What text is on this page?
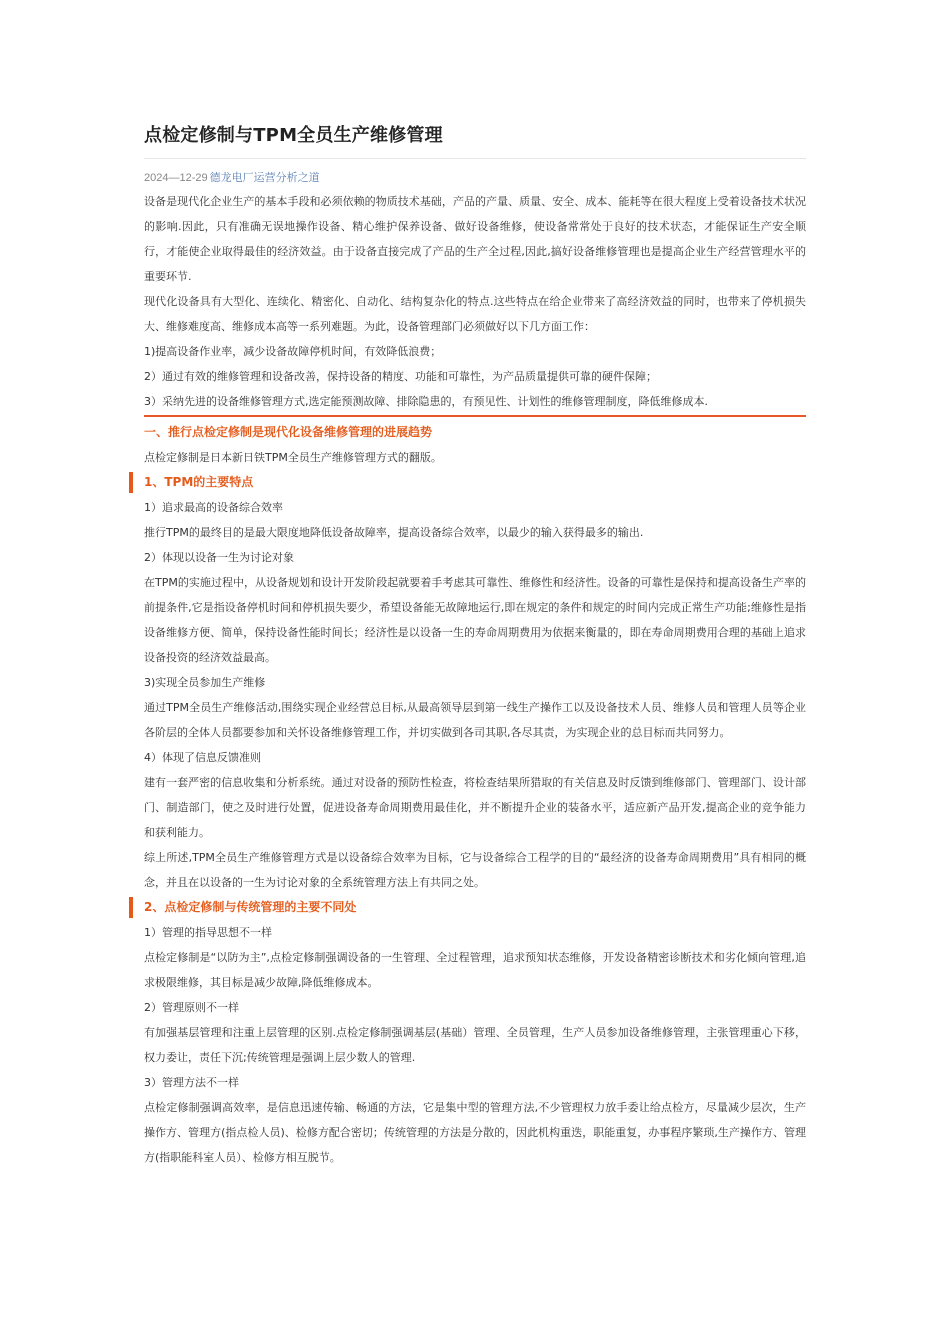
点检定修制与TPM全员生产维修管理
2024—12-29 德龙电厂运营分析之道

设备是现代化企业生产的基本手段和必须依赖的物质技术基础，产品的产量、质量、安全、成本、能耗等在很大程度上受着设备技术状况的影响.因此，只有准确无误地操作设备、精心维护保养设备、做好设备维修，使设备常常处于良好的技术状态，才能保证生产安全顺行，才能使企业取得最佳的经济效益。由于设备直接完成了产品的生产全过程,因此,搞好设备维修管理也是提高企业生产经营管理水平的重要环节.

现代化设备具有大型化、连续化、精密化、自动化、结构复杂化的特点.这些特点在给企业带来了高经济效益的同时，也带来了停机损失大、维修难度高、维修成本高等一系列难题。为此，设备管理部门必须做好以下几方面工作：

1)提高设备作业率，减少设备故障停机时间，有效降低浪费；

2）通过有效的维修管理和设备改善，保持设备的精度、功能和可靠性，为产品质量提供可靠的硬件保障；

3）采纳先进的设备维修管理方式,选定能预测故障、排除隐患的，有预见性、计划性的维修管理制度，降低维修成本.

一、推行点检定修制是现代化设备维修管理的进展趋势

点检定修制是日本新日铁TPM全员生产维修管理方式的翻版。

1、TPM的主要特点

1）追求最高的设备综合效率

推行TPM的最终目的是最大限度地降低设备故障率，提高设备综合效率，以最少的输入获得最多的输出.

2）体现以设备一生为讨论对象

在TPM的实施过程中，从设备规划和设计开发阶段起就要着手考虑其可靠性、维修性和经济性。设备的可靠性是保持和提高设备生产率的前提条件,它是指设备停机时间和停机损失要少，希望设备能无故障地运行,即在规定的条件和规定的时间内完成正常生产功能;维修性是指设备维修方便、简单，保持设备性能时间长；经济性是以设备一生的寿命周期费用为依据来衡量的，即在寿命周期费用合理的基础上追求设备投资的经济效益最高。

3)实现全员参加生产维修

通过TPM全员生产维修活动,围绕实现企业经营总目标,从最高领导层到第一线生产操作工以及设备技术人员、维修人员和管理人员等企业各阶层的全体人员都要参加和关怀设备维修管理工作，并切实做到各司其职,各尽其责，为实现企业的总目标而共同努力。

4）体现了信息反馈准则

建有一套严密的信息收集和分析系统。通过对设备的预防性检查，将检查结果所猎取的有关信息及时反馈到维修部门、管理部门、设计部门、制造部门，使之及时进行处置，促进设备寿命周期费用最佳化，并不断提升企业的装备水平，适应新产品开发,提高企业的竞争能力和获利能力。

综上所述,TPM全员生产维修管理方式是以设备综合效率为目标，它与设备综合工程学的目的“最经济的设备寿命周期费用”具有相同的概念，并且在以设备的一生为讨论对象的全系统管理方法上有共同之处。

2、点检定修制与传统管理的主要不同处

1）管理的指导思想不一样

点检定修制是“以防为主”,点检定修制强调设备的一生管理、全过程管理，追求预知状态维修，开发设备精密诊断技术和劣化倾向管理,追求极限维修，其目标是减少故障,降低维修成本。

2）管理原则不一样

有加强基层管理和注重上层管理的区别.点检定修制强调基层(基础）管理、全员管理，生产人员参加设备维修管理，主张管理重心下移，权力委让，责任下沉;传统管理是强调上层少数人的管理.

3）管理方法不一样

点检定修制强调高效率，是信息迅速传输、畅通的方法，它是集中型的管理方法,不少管理权力放手委让给点检方，尽量减少层次，生产操作方、管理方(指点检人员)、检修方配合密切；传统管理的方法是分散的，因此机构重迭，职能重复，办事程序繁琐,生产操作方、管理方(指职能科室人员）、检修方相互脱节。
